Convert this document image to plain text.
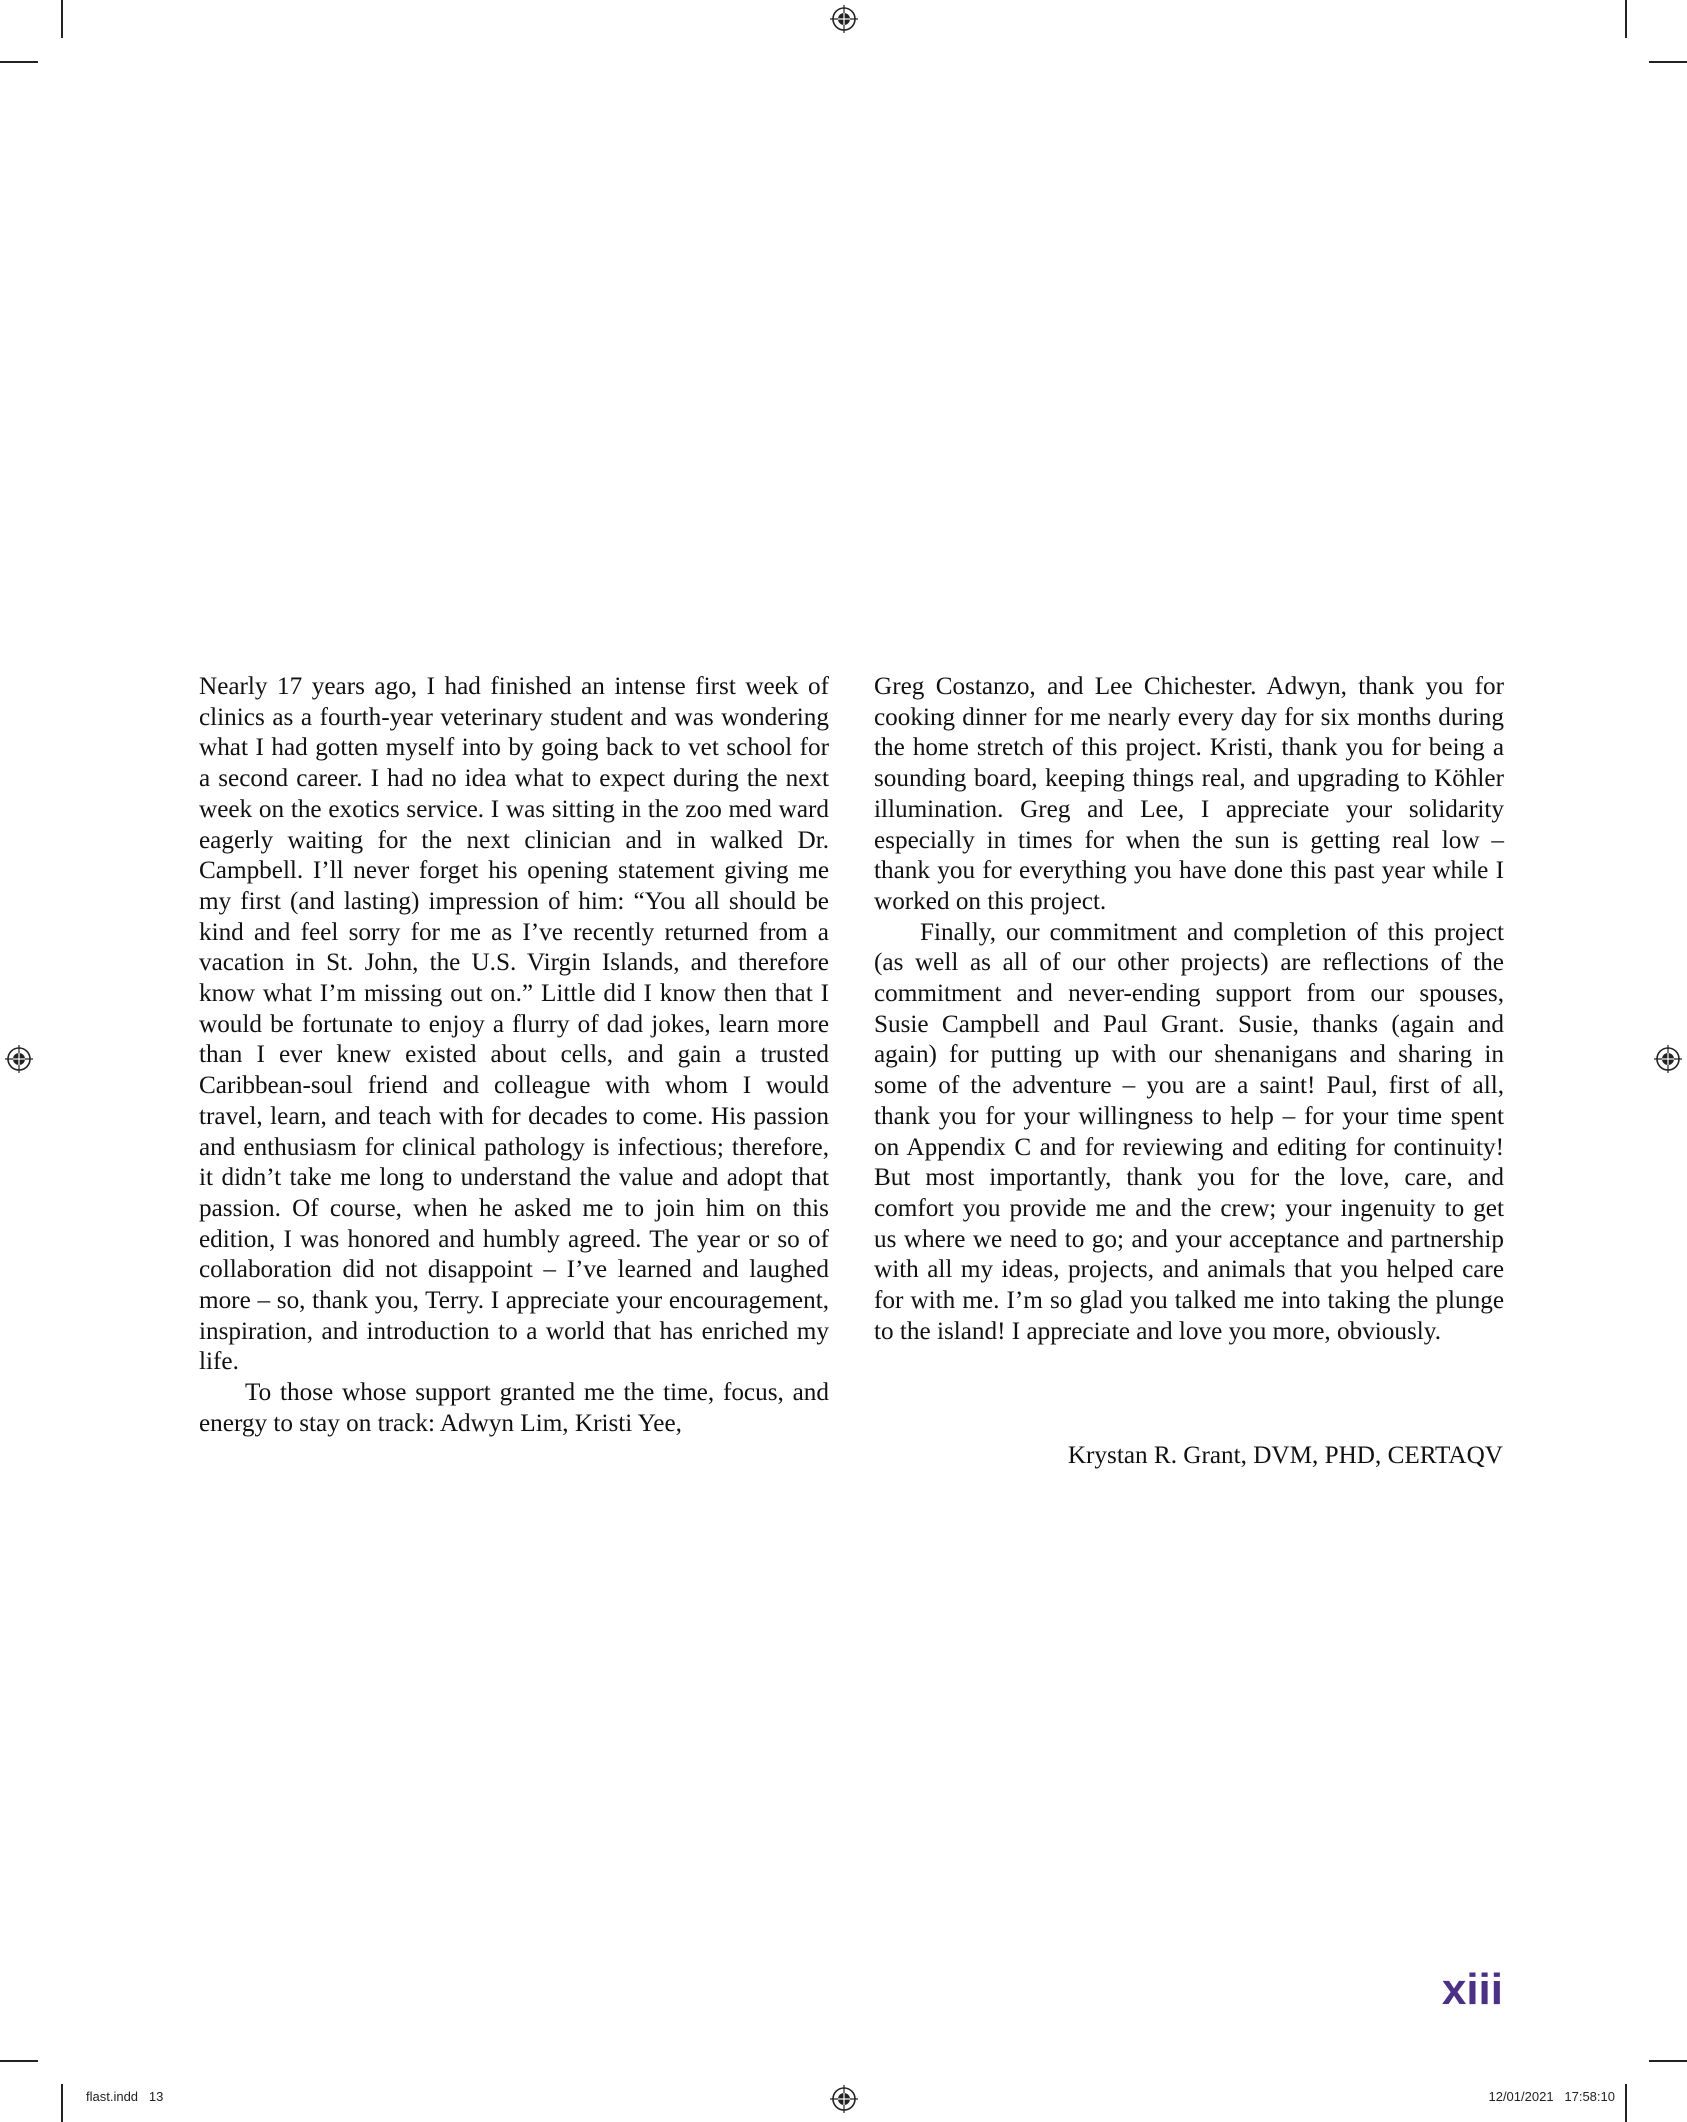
Nearly 17 years ago, I had finished an intense first week of clinics as a fourth-year veterinary student and was wondering what I had gotten myself into by going back to vet school for a second career. I had no idea what to expect during the next week on the exotics service. I was sitting in the zoo med ward eagerly waiting for the next clinician and in walked Dr. Campbell. I’ll never forget his opening statement giving me my first (and lasting) impression of him: “You all should be kind and feel sorry for me as I’ve recently returned from a vacation in St. John, the U.S. Virgin Islands, and therefore know what I’m missing out on.” Little did I know then that I would be fortunate to enjoy a flurry of dad jokes, learn more than I ever knew existed about cells, and gain a trusted Caribbean-soul friend and colleague with whom I would travel, learn, and teach with for decades to come. His passion and enthusiasm for clinical pathology is infectious; therefore, it didn’t take me long to understand the value and adopt that passion. Of course, when he asked me to join him on this edition, I was honored and humbly agreed. The year or so of collaboration did not disappoint – I’ve learned and laughed more – so, thank you, Terry. I appreciate your encouragement, inspiration, and introduction to a world that has enriched my life.

To those whose support granted me the time, focus, and energy to stay on track: Adwyn Lim, Kristi Yee,

Greg Costanzo, and Lee Chichester. Adwyn, thank you for cooking dinner for me nearly every day for six months during the home stretch of this project. Kristi, thank you for being a sounding board, keeping things real, and upgrading to Köhler illumination. Greg and Lee, I appreciate your solidarity especially in times for when the sun is getting real low – thank you for everything you have done this past year while I worked on this project.

Finally, our commitment and completion of this project (as well as all of our other projects) are reflections of the commitment and never-ending support from our spouses, Susie Campbell and Paul Grant. Susie, thanks (again and again) for putting up with our shenanigans and sharing in some of the adventure – you are a saint! Paul, first of all, thank you for your willingness to help – for your time spent on Appendix C and for reviewing and editing for continuity! But most importantly, thank you for the love, care, and comfort you provide me and the crew; your ingenuity to get us where we need to go; and your acceptance and partnership with all my ideas, projects, and animals that you helped care for with me. I’m so glad you talked me into taking the plunge to the island! I appreciate and love you more, obviously.

Krystan R. Grant, DVM, PHD, CERTAQV
xiii
flast.indd   13	12/01/2021   17:58:10
